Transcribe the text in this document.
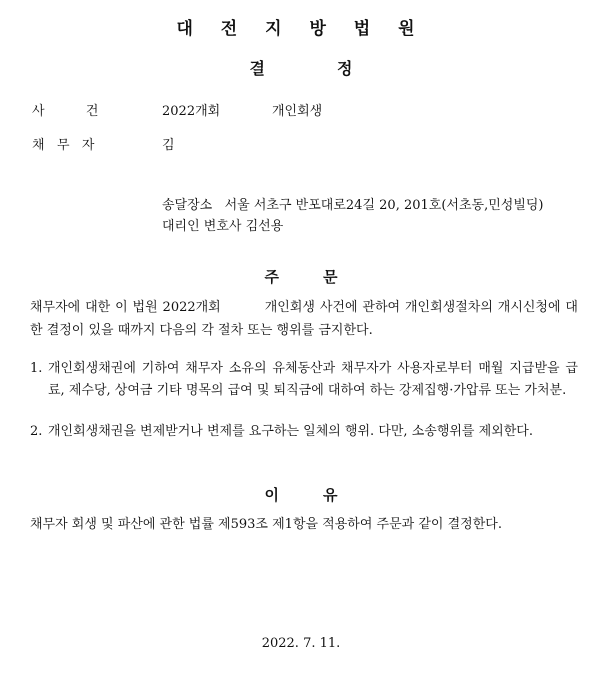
대 전 지 방 법 원
결	정
사          건	2022개회	개인회생
채   무   자	김
송달장소   서울 서초구 반포대로24길 20, 201호(서초동,민성빌딩)
대리인 변호사 김선용
주	문
채무자에 대한 이 법원 2022개회	개인회생 사건에 관하여 개인회생절차의 개시신청에 대한 결정이 있을 때까지 다음의 각 절차 또는 행위를 금지한다.
1. 개인회생채권에 기하여 채무자 소유의 유체동산과 채무자가 사용자로부터 매월 지급받을 급료, 제수당, 상여금 기타 명목의 급여 및 퇴직금에 대하여 하는 강제집행·가압류 또는 가처분.
2. 개인회생채권을 변제받거나 변제를 요구하는 일체의 행위. 다만, 소송행위를 제외한다.
이	유
채무자 회생 및 파산에 관한 법률 제593조 제1항을 적용하여 주문과 같이 결정한다.
2022. 7. 11.
